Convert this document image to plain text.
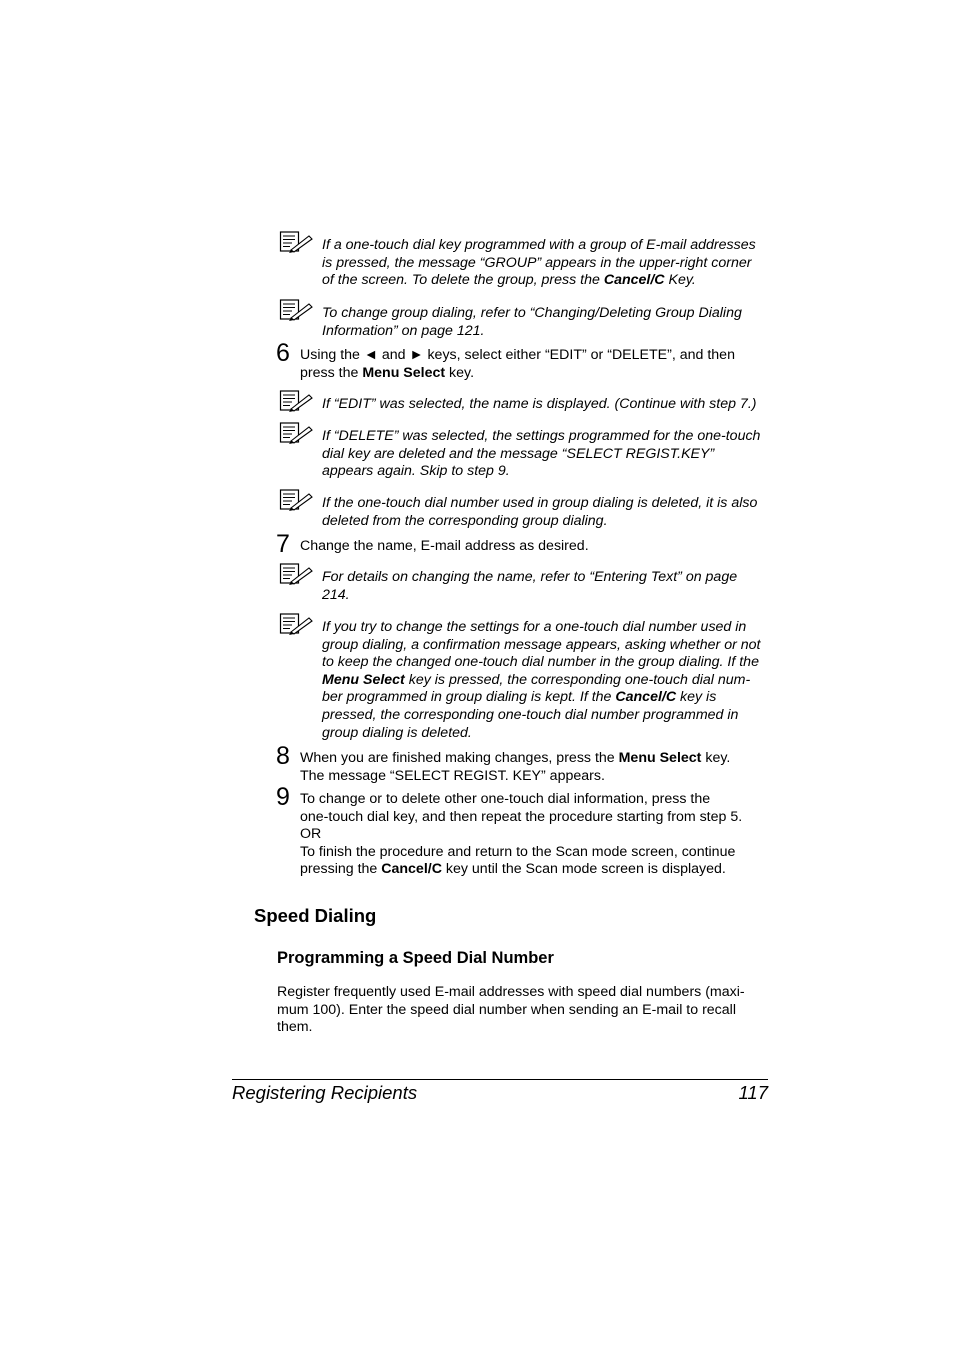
If a one-touch dial key programmed with a group of E-mail addresses
is pressed, the message “GROUP” appears in the upper-right corner
of the screen. To delete the group, press the Cancel/C Key.
To change group dialing, refer to “Changing/Deleting Group Dialing
Information” on page 121.
6 Using the ◄ and ► keys, select either “EDIT” or “DELETE”, and then
press the Menu Select key.
If “EDIT” was selected, the name is displayed. (Continue with step 7.)
If “DELETE” was selected, the settings programmed for the one-touch
dial key are deleted and the message “SELECT REGIST.KEY”
appears again. Skip to step 9.
If the one-touch dial number used in group dialing is deleted, it is also
deleted from the corresponding group dialing.
7 Change the name, E-mail address as desired.
For details on changing the name, refer to “Entering Text” on page
214.
If you try to change the settings for a one-touch dial number used in
group dialing, a confirmation message appears, asking whether or not
to keep the changed one-touch dial number in the group dialing. If the
Menu Select key is pressed, the corresponding one-touch dial num-
ber programmed in group dialing is kept. If the Cancel/C key is
pressed, the corresponding one-touch dial number programmed in
group dialing is deleted.
8 When you are finished making changes, press the Menu Select key.
The message “SELECT REGIST. KEY” appears.
9 To change or to delete other one-touch dial information, press the
one-touch dial key, and then repeat the procedure starting from step 5.
OR
To finish the procedure and return to the Scan mode screen, continue
pressing the Cancel/C key until the Scan mode screen is displayed.
Speed Dialing
Programming a Speed Dial Number
Register frequently used E-mail addresses with speed dial numbers (maxi-
mum 100). Enter the speed dial number when sending an E-mail to recall
them.
Registering Recipients	117
